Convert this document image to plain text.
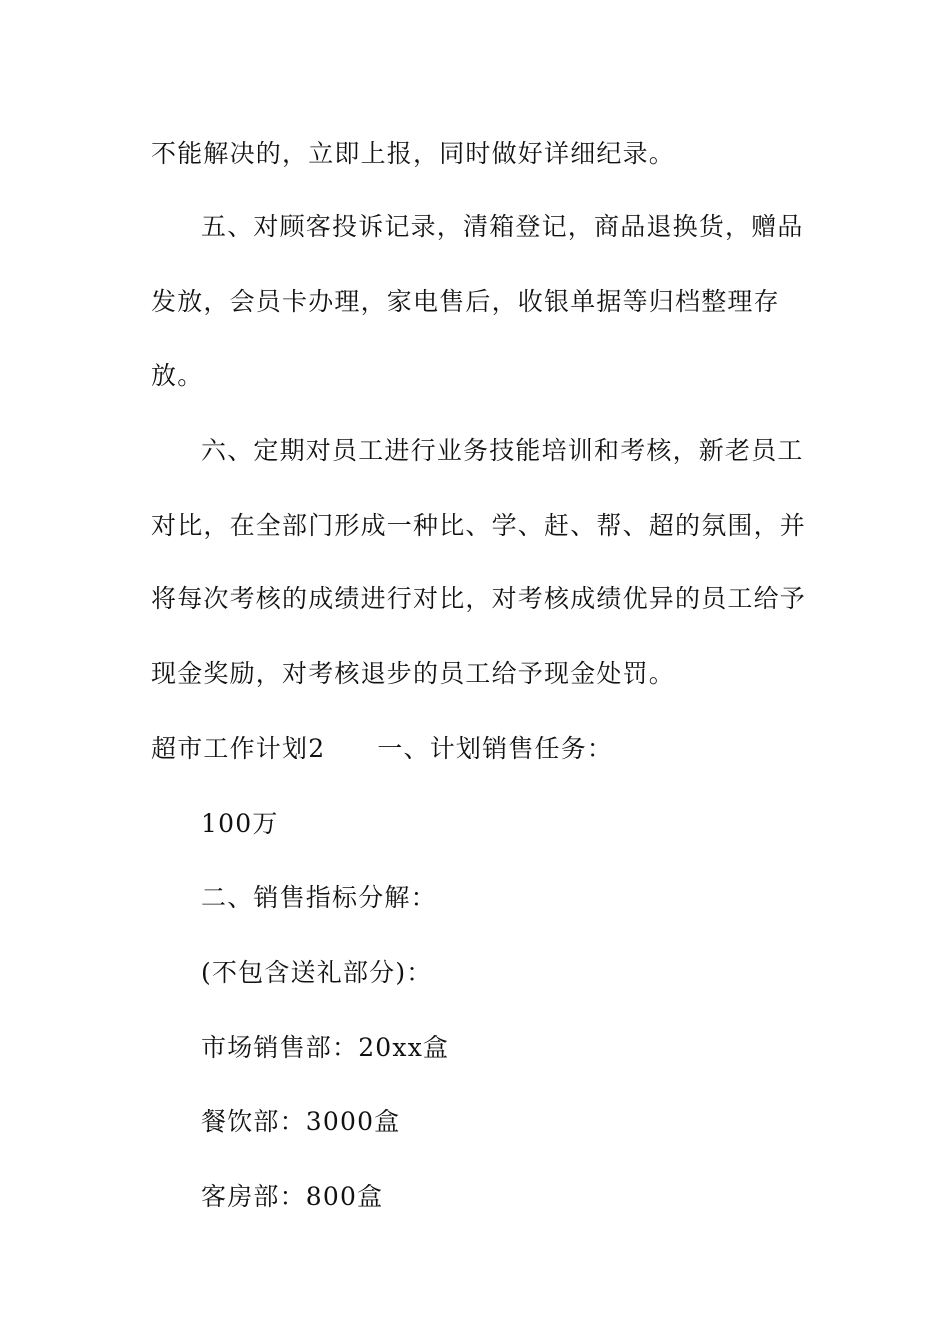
不能解决的，立即上报，同时做好详细纪录。
五、对顾客投诉记录，清箱登记，商品退换货，赠品
发放，会员卡办理，家电售后，收银单据等归档整理存
放。
六、定期对员工进行业务技能培训和考核，新老员工
对比，在全部门形成一种比、学、赶、帮、超的氛围，并
将每次考核的成绩进行对比，对考核成绩优异的员工给予
现金奖励，对考核退步的员工给予现金处罚。
超市工作计划2 一、计划销售任务：
100万
二、销售指标分解：
(不包含送礼部分)：
市场销售部：20xx盒
餐饮部：3000盒
客房部：800盒
